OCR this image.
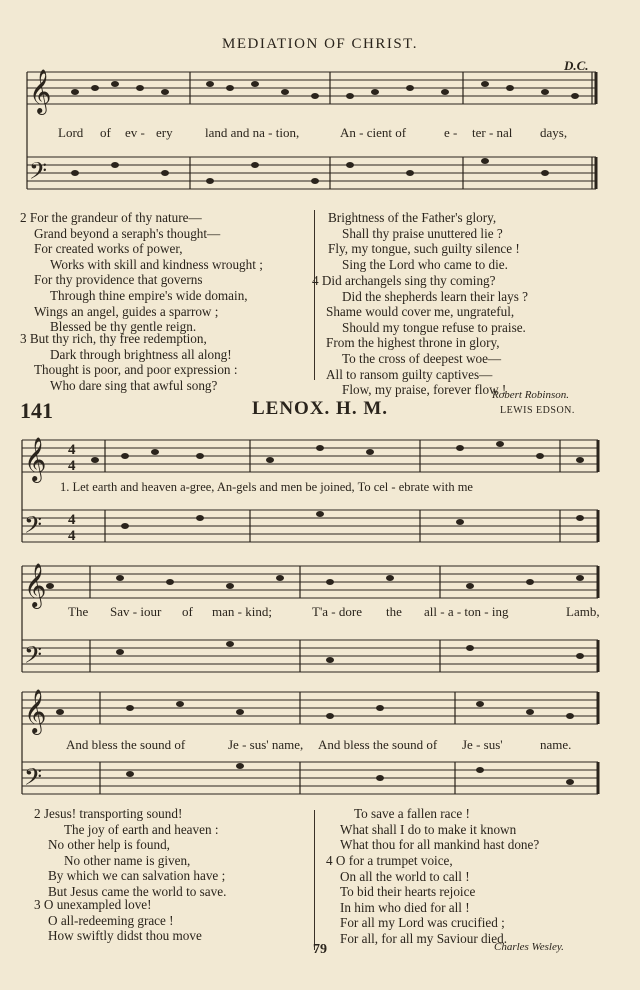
MEDIATION OF CHRIST.
D.C.
𝄞
𝄢
𝄞
𝄢
𝄞
𝄢
𝄞
𝄢
4
4
4
4
Lord of ev - ery land and na - tion,	An - cient of	e - ter - nal days,
2 For the grandeur of thy nature—
Grand beyond a seraph's thought—
For created works of power,
Works with skill and kindness wrought ;
For thy providence that governs
Through thine empire's wide domain,
Wings an angel, guides a sparrow ;
Blessed be thy gentle reign.
3 But thy rich, thy free redemption,
Dark through brightness all along!
Thought is poor, and poor expression :
Who dare sing that awful song?
Brightness of the Father's glory,
Shall thy praise unuttered lie ?
Fly, my tongue, such guilty silence !
Sing the Lord who came to die.
4 Did archangels sing thy coming?
Did the shepherds learn their lays ?
Shame would cover me, ungrateful,
Should my tongue refuse to praise.
From the highest throne in glory,
To the cross of deepest woe—
All to ransom guilty captives—
Flow, my praise, forever flow !
Robert Robinson.
141	LENOX. H. M.	LEWIS EDSON.
1. Let earth and heaven a-gree, An-gels and men be joined, To cel - ebrate with me
The Sav - iour of man - kind;	T'a - dore the all - a - ton - ing	Lamb,
And bless the sound of	Je - sus' name, And bless the sound of Je - sus'	name.
2 Jesus! transporting sound!
The joy of earth and heaven :
No other help is found,
No other name is given,
By which we can salvation have ;
But Jesus came the world to save.
3 O unexampled love!
O all-redeeming grace !
How swiftly didst thou move
To save a fallen race !
What shall I do to make it known
What thou for all mankind hast done?
4 O for a trumpet voice,
On all the world to call !
To bid their hearts rejoice
In him who died for all !
For all my Lord was crucified ;
For all, for all my Saviour died.
Charles Wesley.
79
